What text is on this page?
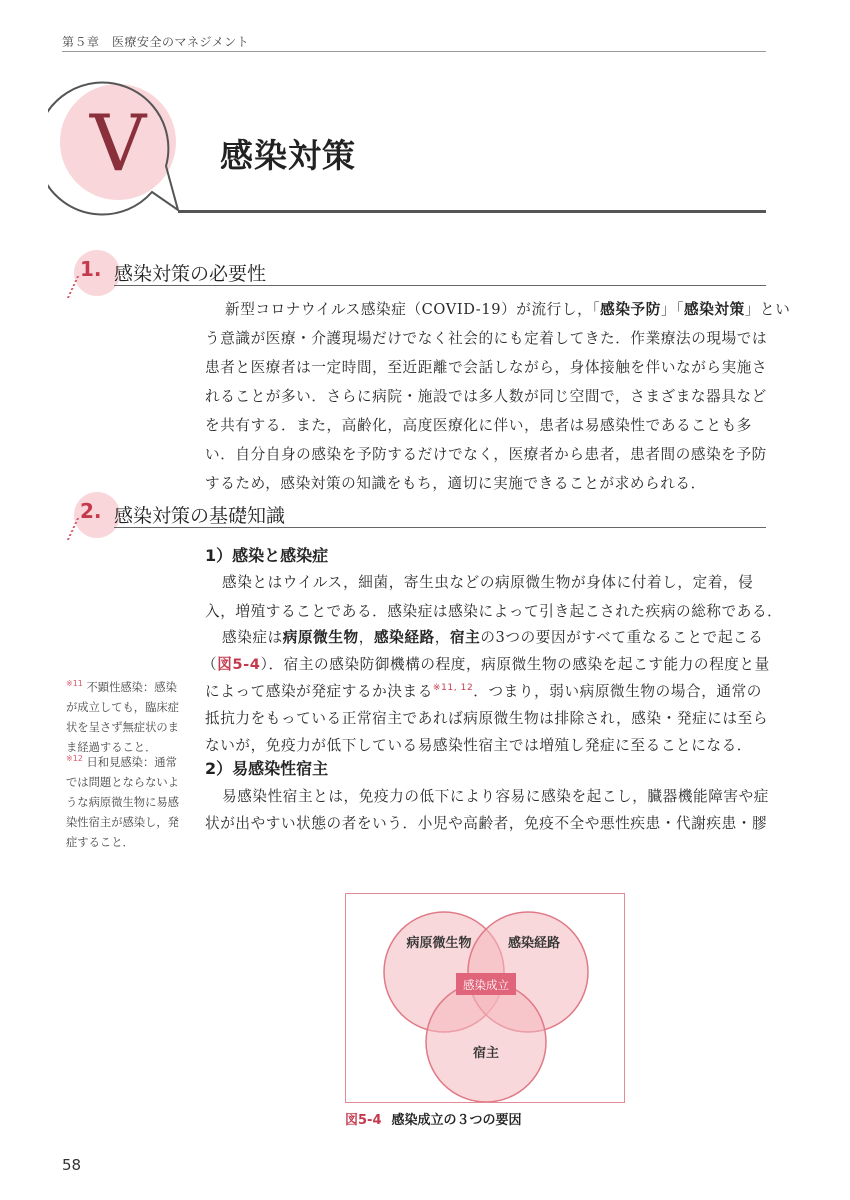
第５章　医療安全のマネジメント
V 感染対策
1. 感染対策の必要性
新型コロナウイルス感染症（COVID-19）が流行し，「感染予防」「感染対策」とい
う意識が医療・介護現場だけでなく社会的にも定着してきた．作業療法の現場では
患者と医療者は一定時間，至近距離で会話しながら，身体接触を伴いながら実施さ
れることが多い．さらに病院・施設では多人数が同じ空間で，さまざまな器具など
を共有する．また，高齢化，高度医療化に伴い，患者は易感染性であることも多
い．自分自身の感染を予防するだけでなく，医療者から患者，患者間の感染を予防
するため，感染対策の知識をもち，適切に実施できることが求められる．
2. 感染対策の基礎知識
1）感染と感染症
感染とはウイルス，細菌，寄生虫などの病原微生物が身体に付着し，定着，侵
入，増殖することである．感染症は感染によって引き起こされた疾病の総称である．
感染症は病原微生物，感染経路，宿主の3つの要因がすべて重なることで起こる
（図5-4）．宿主の感染防御機構の程度，病原微生物の感染を起こす能力の程度と量
によって感染が発症するか決まる$^{※11, 12}$．つまり，弱い病原微生物の場合，通常の
抵抗力をもっている正常宿主であれば病原微生物は排除され，感染・発症には至ら
ないが，免疫力が低下している易感染性宿主では増殖し発症に至ることになる．
2）易感染性宿主
易感染性宿主とは，免疫力の低下により容易に感染を起こし，臓器機能障害や症
状が出やすい状態の者をいう．小児や高齢者，免疫不全や悪性疾患・代謝疾患・膠
$^{※11}$ 不顕性感染：感染
が成立しても，臨床症
状を呈さず無症状のま
ま経過すること．
$^{※12}$ 日和見感染：通常
では問題とならないよ
うな病原微生物に易感
染性宿主が感染し，発
症すること．
病原微生物	感染経路
宿主
感染成立
図5-4 感染成立の３つの要因
58
